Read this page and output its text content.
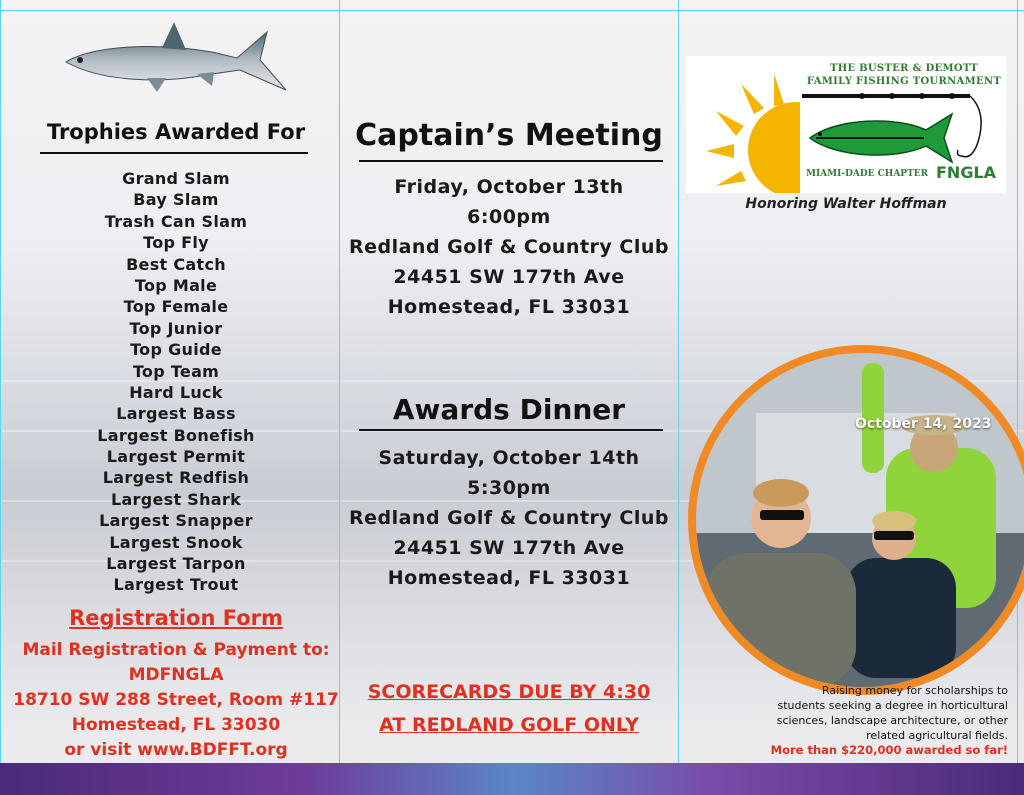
Trophies Awarded For
Grand Slam
Bay Slam
Trash Can Slam
Top Fly
Best Catch
Top Male
Top Female
Top Junior
Top Guide
Top Team
Hard Luck
Largest Bass
Largest Bonefish
Largest Permit
Largest Redfish
Largest Shark
Largest Snapper
Largest Snook
Largest Tarpon
Largest Trout
Registration Form
Mail Registration & Payment to:
MDFNGLA
18710 SW 288 Street, Room #117
Homestead, FL 33030
or visit www.BDFFT.org
Captain’s Meeting
Friday, October 13th
6:00pm
Redland Golf & Country Club
24451 SW 177th Ave
Homestead, FL 33031
Awards Dinner
Saturday, October 14th
5:30pm
Redland Golf & Country Club
24451 SW 177th Ave
Homestead, FL 33031
SCORECARDS DUE BY 4:30
AT REDLAND GOLF ONLY
THE BUSTER & DEMOTT
FAMILY FISHING TOURNAMENT
MIAMI-DADE CHAPTER FNGLA
Honoring Walter Hoffman
October 14, 2023
Raising money for scholarships to
students seeking a degree in horticultural
sciences, landscape architecture, or other
related agricultural fields.
More than $220,000 awarded so far!
